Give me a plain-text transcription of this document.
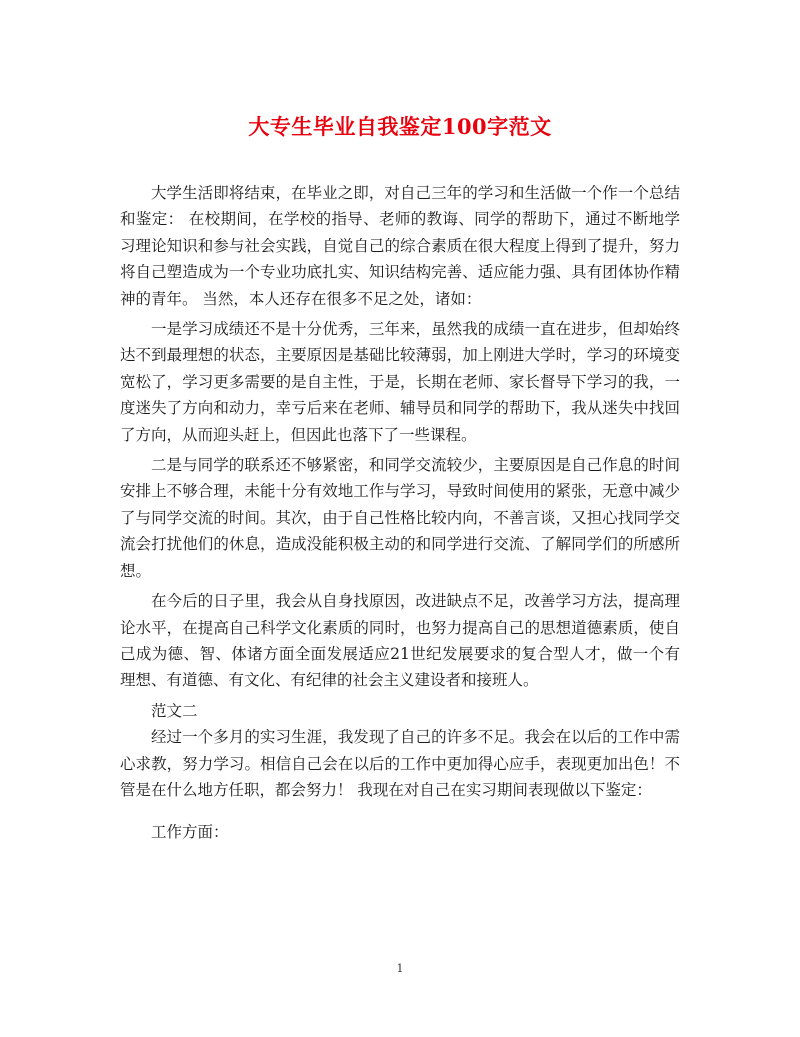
大专生毕业自我鉴定100字范文

大学生活即将结束，在毕业之即，对自己三年的学习和生活做一个作一个总结和鉴定： 在校期间，在学校的指导、老师的教诲、同学的帮助下，通过不断地学习理论知识和参与社会实践，自觉自己的综合素质在很大程度上得到了提升，努力将自己塑造成为一个专业功底扎实、知识结构完善、适应能力强、具有团体协作精神的青年。 当然，本人还存在很多不足之处，诸如：

一是学习成绩还不是十分优秀，三年来，虽然我的成绩一直在进步，但却始终达不到最理想的状态，主要原因是基础比较薄弱，加上刚进大学时，学习的环境变宽松了，学习更多需要的是自主性，于是，长期在老师、家长督导下学习的我，一度迷失了方向和动力，幸亏后来在老师、辅导员和同学的帮助下，我从迷失中找回了方向，从而迎头赶上，但因此也落下了一些课程。

二是与同学的联系还不够紧密，和同学交流较少，主要原因是自己作息的时间安排上不够合理，未能十分有效地工作与学习，导致时间使用的紧张，无意中减少了与同学交流的时间。其次，由于自己性格比较内向，不善言谈，又担心找同学交流会打扰他们的休息，造成没能积极主动的和同学进行交流、了解同学们的所感所想。

在今后的日子里，我会从自身找原因，改进缺点不足，改善学习方法，提高理论水平，在提高自己科学文化素质的同时，也努力提高自己的思想道德素质，使自己成为德、智、体诸方面全面发展适应21世纪发展要求的复合型人才，做一个有理想、有道德、有文化、有纪律的社会主义建设者和接班人。

范文二

经过一个多月的实习生涯，我发现了自己的许多不足。我会在以后的工作中需心求教，努力学习。相信自己会在以后的工作中更加得心应手，表现更加出色！不管是在什么地方任职，都会努力！ 我现在对自己在实习期间表现做以下鉴定：

工作方面：

1
